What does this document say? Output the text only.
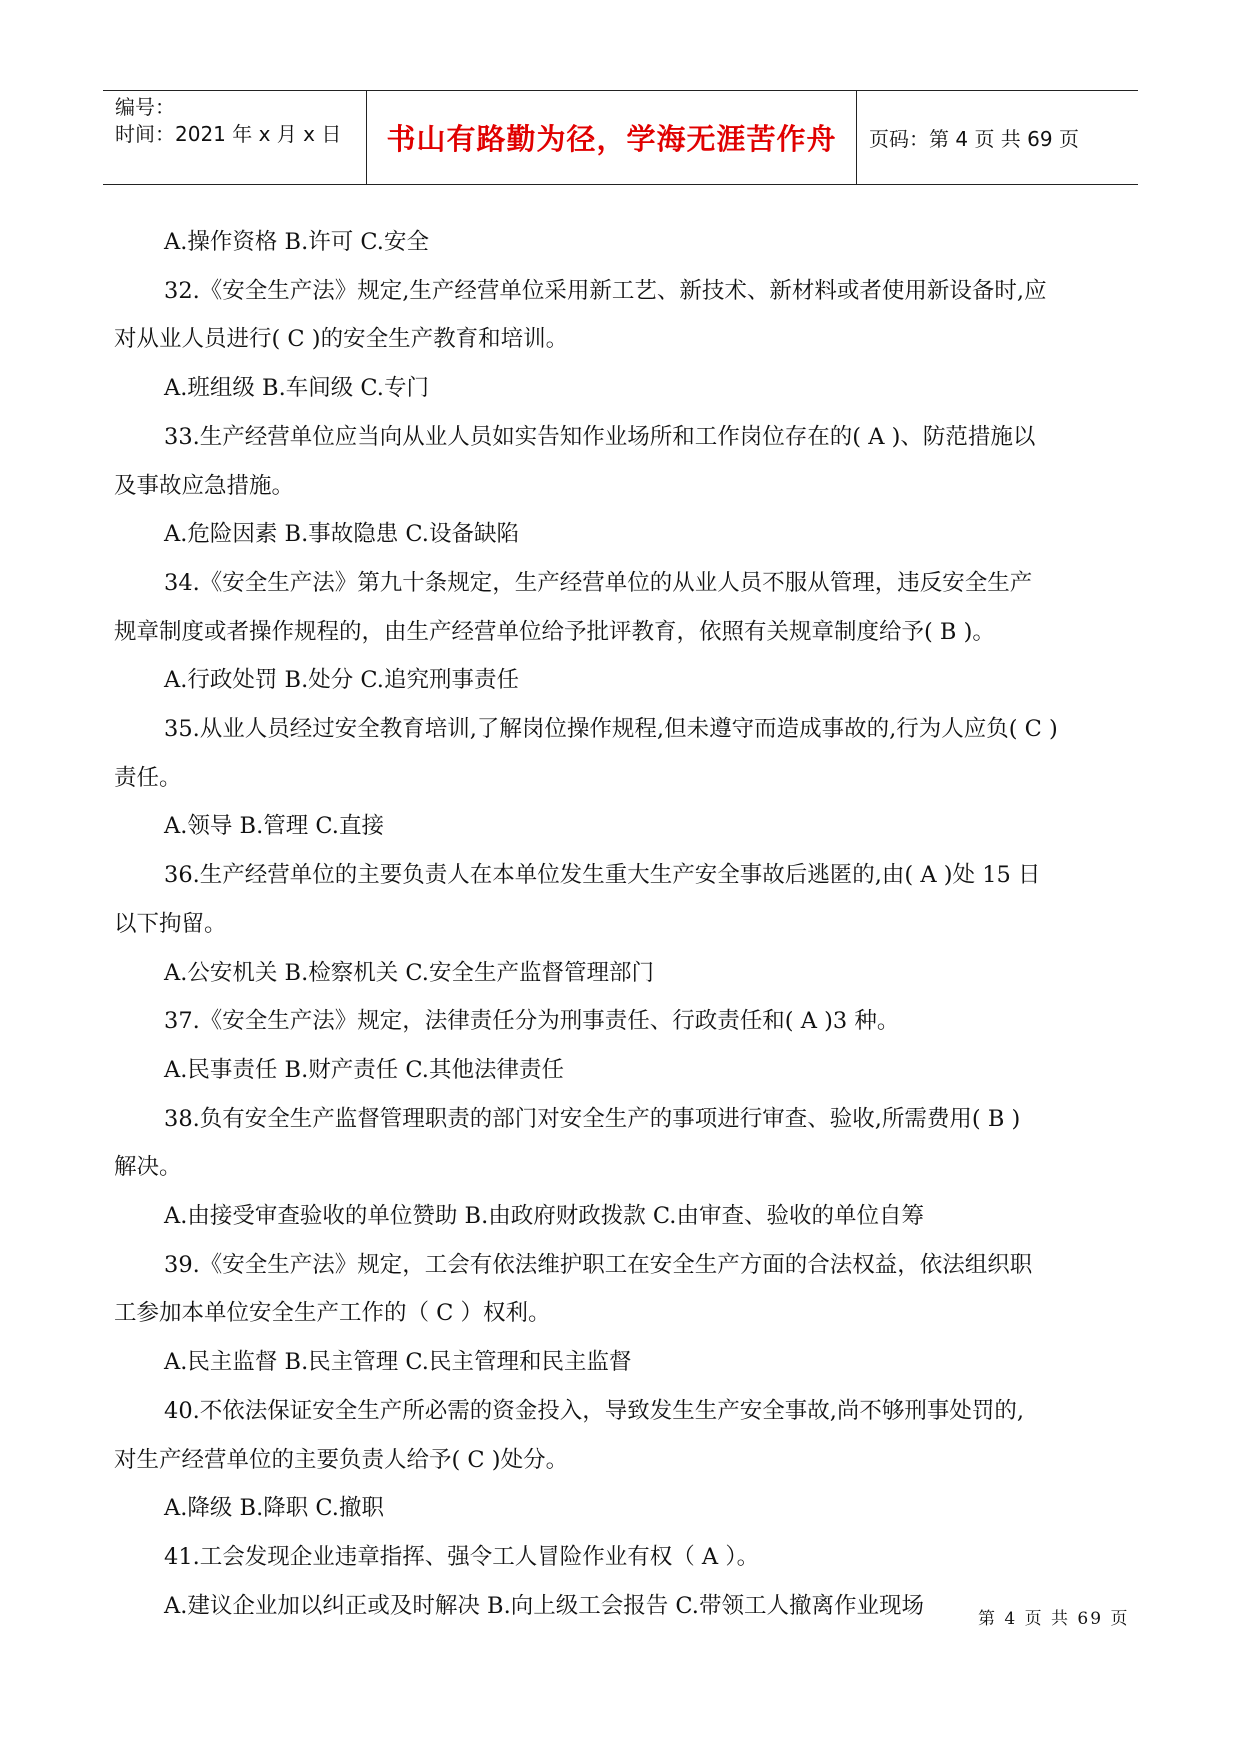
编号：
时间：2021 年 x 月 x 日	书山有路勤为径，学海无涯苦作舟	页码：第 4 页 共 69 页
A.操作资格 B.许可 C.安全
32.《安全生产法》规定,生产经营单位采用新工艺、新技术、新材料或者使用新设备时,应
对从业人员进行( C )的安全生产教育和培训。
A.班组级 B.车间级 C.专门
33.生产经营单位应当向从业人员如实告知作业场所和工作岗位存在的( A )、防范措施以
及事故应急措施。
A.危险因素 B.事故隐患 C.设备缺陷
34.《安全生产法》第九十条规定，生产经营单位的从业人员不服从管理，违反安全生产
规章制度或者操作规程的，由生产经营单位给予批评教育，依照有关规章制度给予( B )。
A.行政处罚 B.处分 C.追究刑事责任
35.从业人员经过安全教育培训,了解岗位操作规程,但未遵守而造成事故的,行为人应负( C )
责任。
A.领导 B.管理 C.直接
36.生产经营单位的主要负责人在本单位发生重大生产安全事故后逃匿的,由( A )处 15 日
以下拘留。
A.公安机关 B.检察机关 C.安全生产监督管理部门
37.《安全生产法》规定，法律责任分为刑事责任、行政责任和( A )3 种。
A.民事责任 B.财产责任 C.其他法律责任
38.负有安全生产监督管理职责的部门对安全生产的事项进行审查、验收,所需费用( B )
解决。
A.由接受审查验收的单位赞助 B.由政府财政拨款 C.由审查、验收的单位自筹
39.《安全生产法》规定，工会有依法维护职工在安全生产方面的合法权益，依法组织职
工参加本单位安全生产工作的（ C ）权利。
A.民主监督 B.民主管理 C.民主管理和民主监督
40.不依法保证安全生产所必需的资金投入，导致发生生产安全事故,尚不够刑事处罚的,
对生产经营单位的主要负责人给予( C )处分。
A.降级 B.降职 C.撤职
41.工会发现企业违章指挥、强令工人冒险作业有权（ A ）。
A.建议企业加以纠正或及时解决 B.向上级工会报告 C.带领工人撤离作业现场
第 4 页 共 69 页
